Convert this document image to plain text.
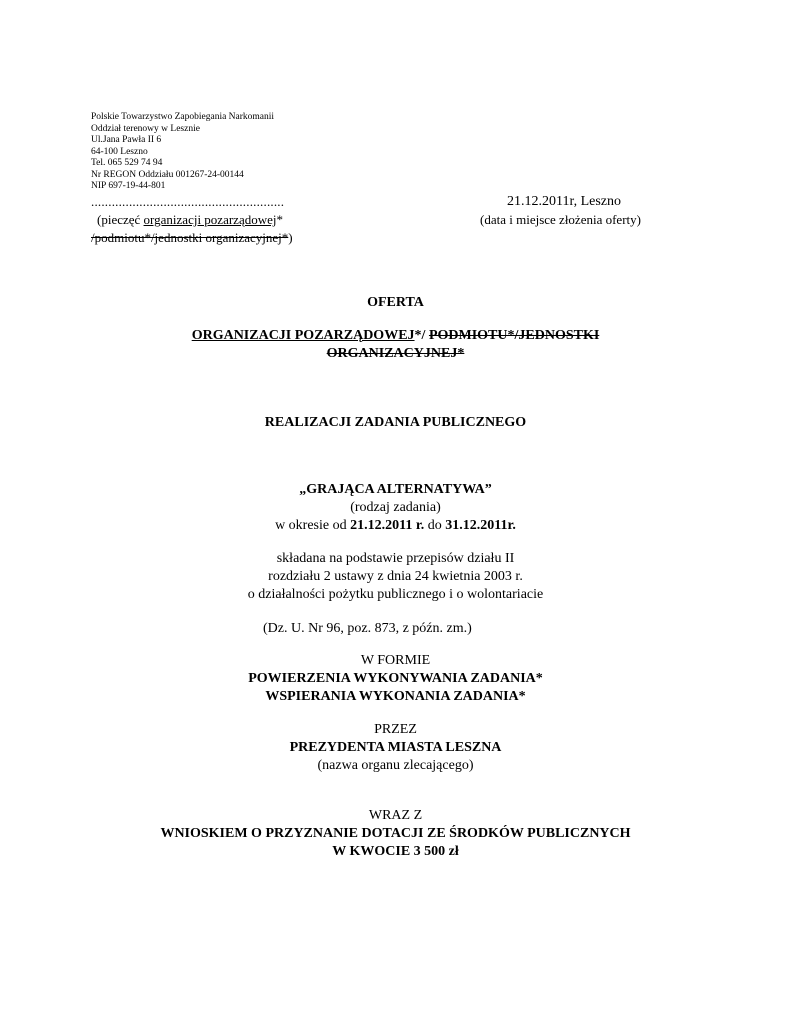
Polskie Towarzystwo Zapobiegania Narkomanii
Oddział terenowy w Lesznie
Ul.Jana Pawła II 6
64-100 Leszno
Tel. 065 529 74 94
Nr REGON Oddziału 001267-24-00144
NIP 697-19-44-801
........................................................
(pieczęć organizacji pozarządowej*
/podmiotu*/jednostki organizacyjnej*)
21.12.2011r, Leszno
(data i miejsce złożenia oferty)
OFERTA
ORGANIZACJI POZARZĄDOWEJ*/ PODMIOTU*/JEDNOSTKI
ORGANIZACYJNEJ*
REALIZACJI ZADANIA PUBLICZNEGO
„GRAJĄCA ALTERNATYWA”
(rodzaj zadania)
w okresie od 21.12.2011 r. do 31.12.2011r.
składana na podstawie przepisów działu II
rozdziału 2 ustawy z dnia 24 kwietnia 2003 r.
o działalności pożytku publicznego i o wolontariacie
(Dz. U. Nr 96, poz. 873, z późn. zm.)
W FORMIE
POWIERZENIA WYKONYWANIA ZADANIA*
WSPIERANIA WYKONANIA ZADANIA*
PRZEZ
PREZYDENTA MIASTA LESZNA
(nazwa organu zlecającego)
WRAZ Z
WNIOSKIEM O PRZYZNANIE DOTACJI ZE ŚRODKÓW PUBLICZNYCH
W KWOCIE 3 500 zł
